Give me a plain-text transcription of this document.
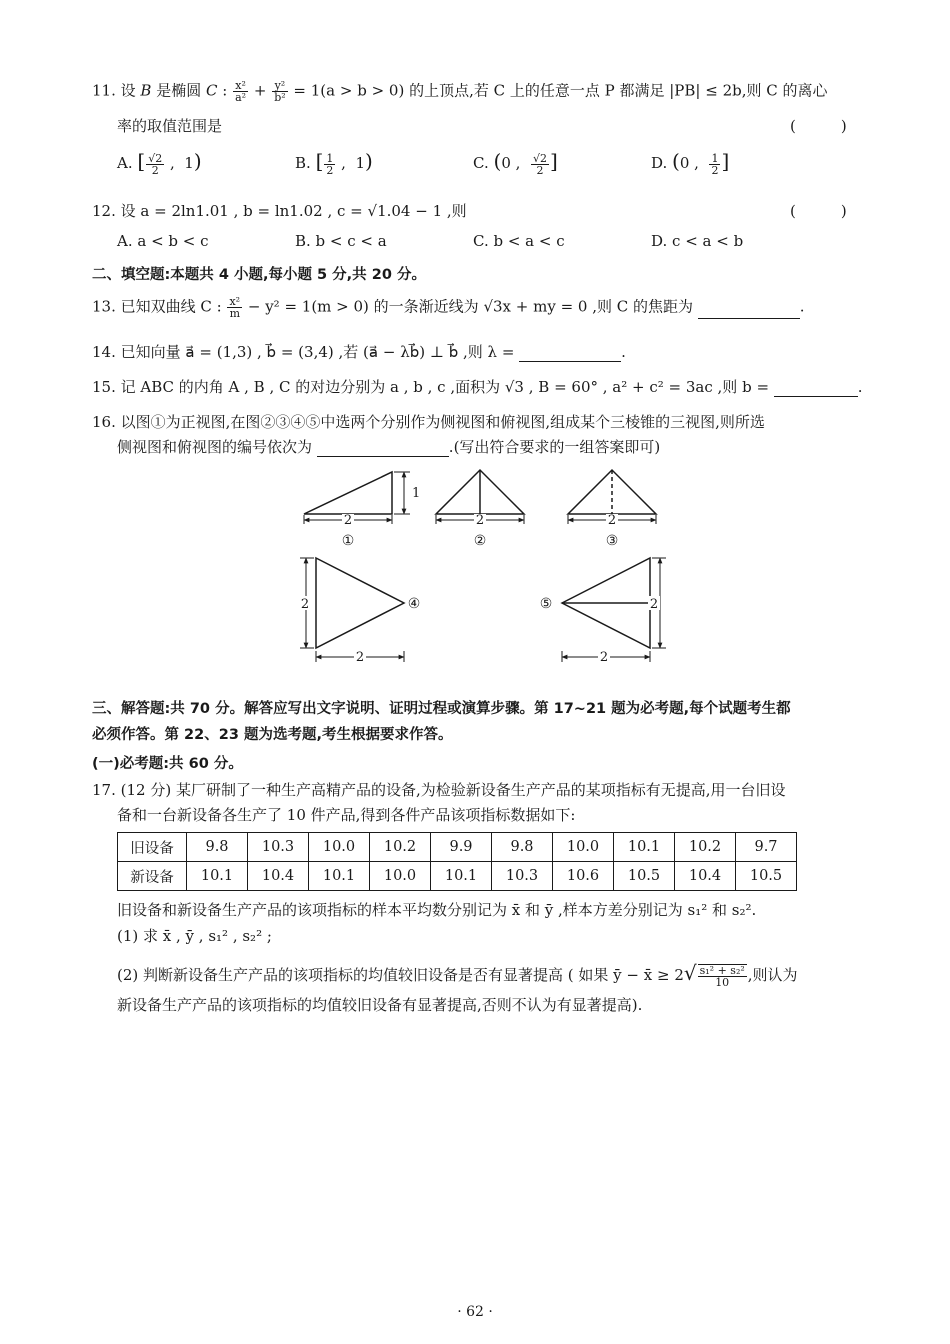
11. 设 B 是椭圆 C : $\frac{\text{x²}}{\text{a²}} + \frac{\text{y²}}{\text{b²}} = 1(a > b > 0)$ 的上顶点,若 C 上的任意一点 P 都满足 |PB| ≤ 2b,则 C 的离心
率的取值范围是	(　　　)
A. [ $\frac{√2}{2}$ ,  1)	B. [ $\frac{1}{2}$ ,  1)	C. (0 , $\frac{√2}{2}$ ]	D. (0 , $\frac{1}{2}$ ]
12. 设 a = 2ln1.01 , b = ln1.02 , c = √1.04 − 1 ,则	(　　　)
A. a < b < c	B. b < c < a	C. b < a < c	D. c < a < b
二、填空题:本题共 4 小题,每小题 5 分,共 20 分。
13. 已知双曲线 C : $\frac{\text{x²}}{m} - y^2 = 1(m > 0)$ 的一条渐近线为 √3x + my = 0 ,则 C 的焦距为	.
14. 已知向量 a⃗ = (1,3) , b⃗ = (3,4) ,若 (a⃗ − λb⃗) ⊥ b⃗ ,则 λ =	.
15. 记 ABC 的内角 A , B , C 的对边分别为 a , b , c ,面积为 √3 , B = 60° , a² + c² = 3ac ,则 b =	.
16. 以图①为正视图,在图②③④⑤中选两个分别作为侧视图和俯视图,组成某个三棱锥的三视图,则所选
侧视图和俯视图的编号依次为	.(写出符合要求的一组答案即可)
2
1
①
2
②
2
③
2
2
④	2
2
⑤
三、解答题:共 70 分。解答应写出文字说明、证明过程或演算步骤。第 17~21 题为必考题,每个试题考生都
必须作答。第 22、23 题为选考题,考生根据要求作答。
(一)必考题:共 60 分。
17. (12 分) 某厂研制了一种生产高精产品的设备,为检验新设备生产产品的某项指标有无提高,用一台旧设
备和一台新设备各生产了 10 件产品,得到各件产品该项指标数据如下:
旧设备	9.8	10.3	10.0	10.2	9.9	9.8	10.0	10.1	10.2	9.7
新设备	10.1	10.4	10.1	10.0	10.1	10.3	10.6	10.5	10.4	10.5
旧设备和新设备生产产品的该项指标的样本平均数分别记为 x̄ 和 ȳ ,样本方差分别记为 s₁² 和 s₂².
(1) 求 x̄ , ȳ , s₁² , s₂² ;
(2) 判断新设备生产产品的该项指标的均值较旧设备是否有显著提高 ( 如果 ȳ − x̄ ≥ $2√ \frac{\text{s₁² + s₂²}}{10}$ ,则认为
新设备生产产品的该项指标的均值较旧设备有显著提高,否则不认为有显著提高).
· 62 ·
